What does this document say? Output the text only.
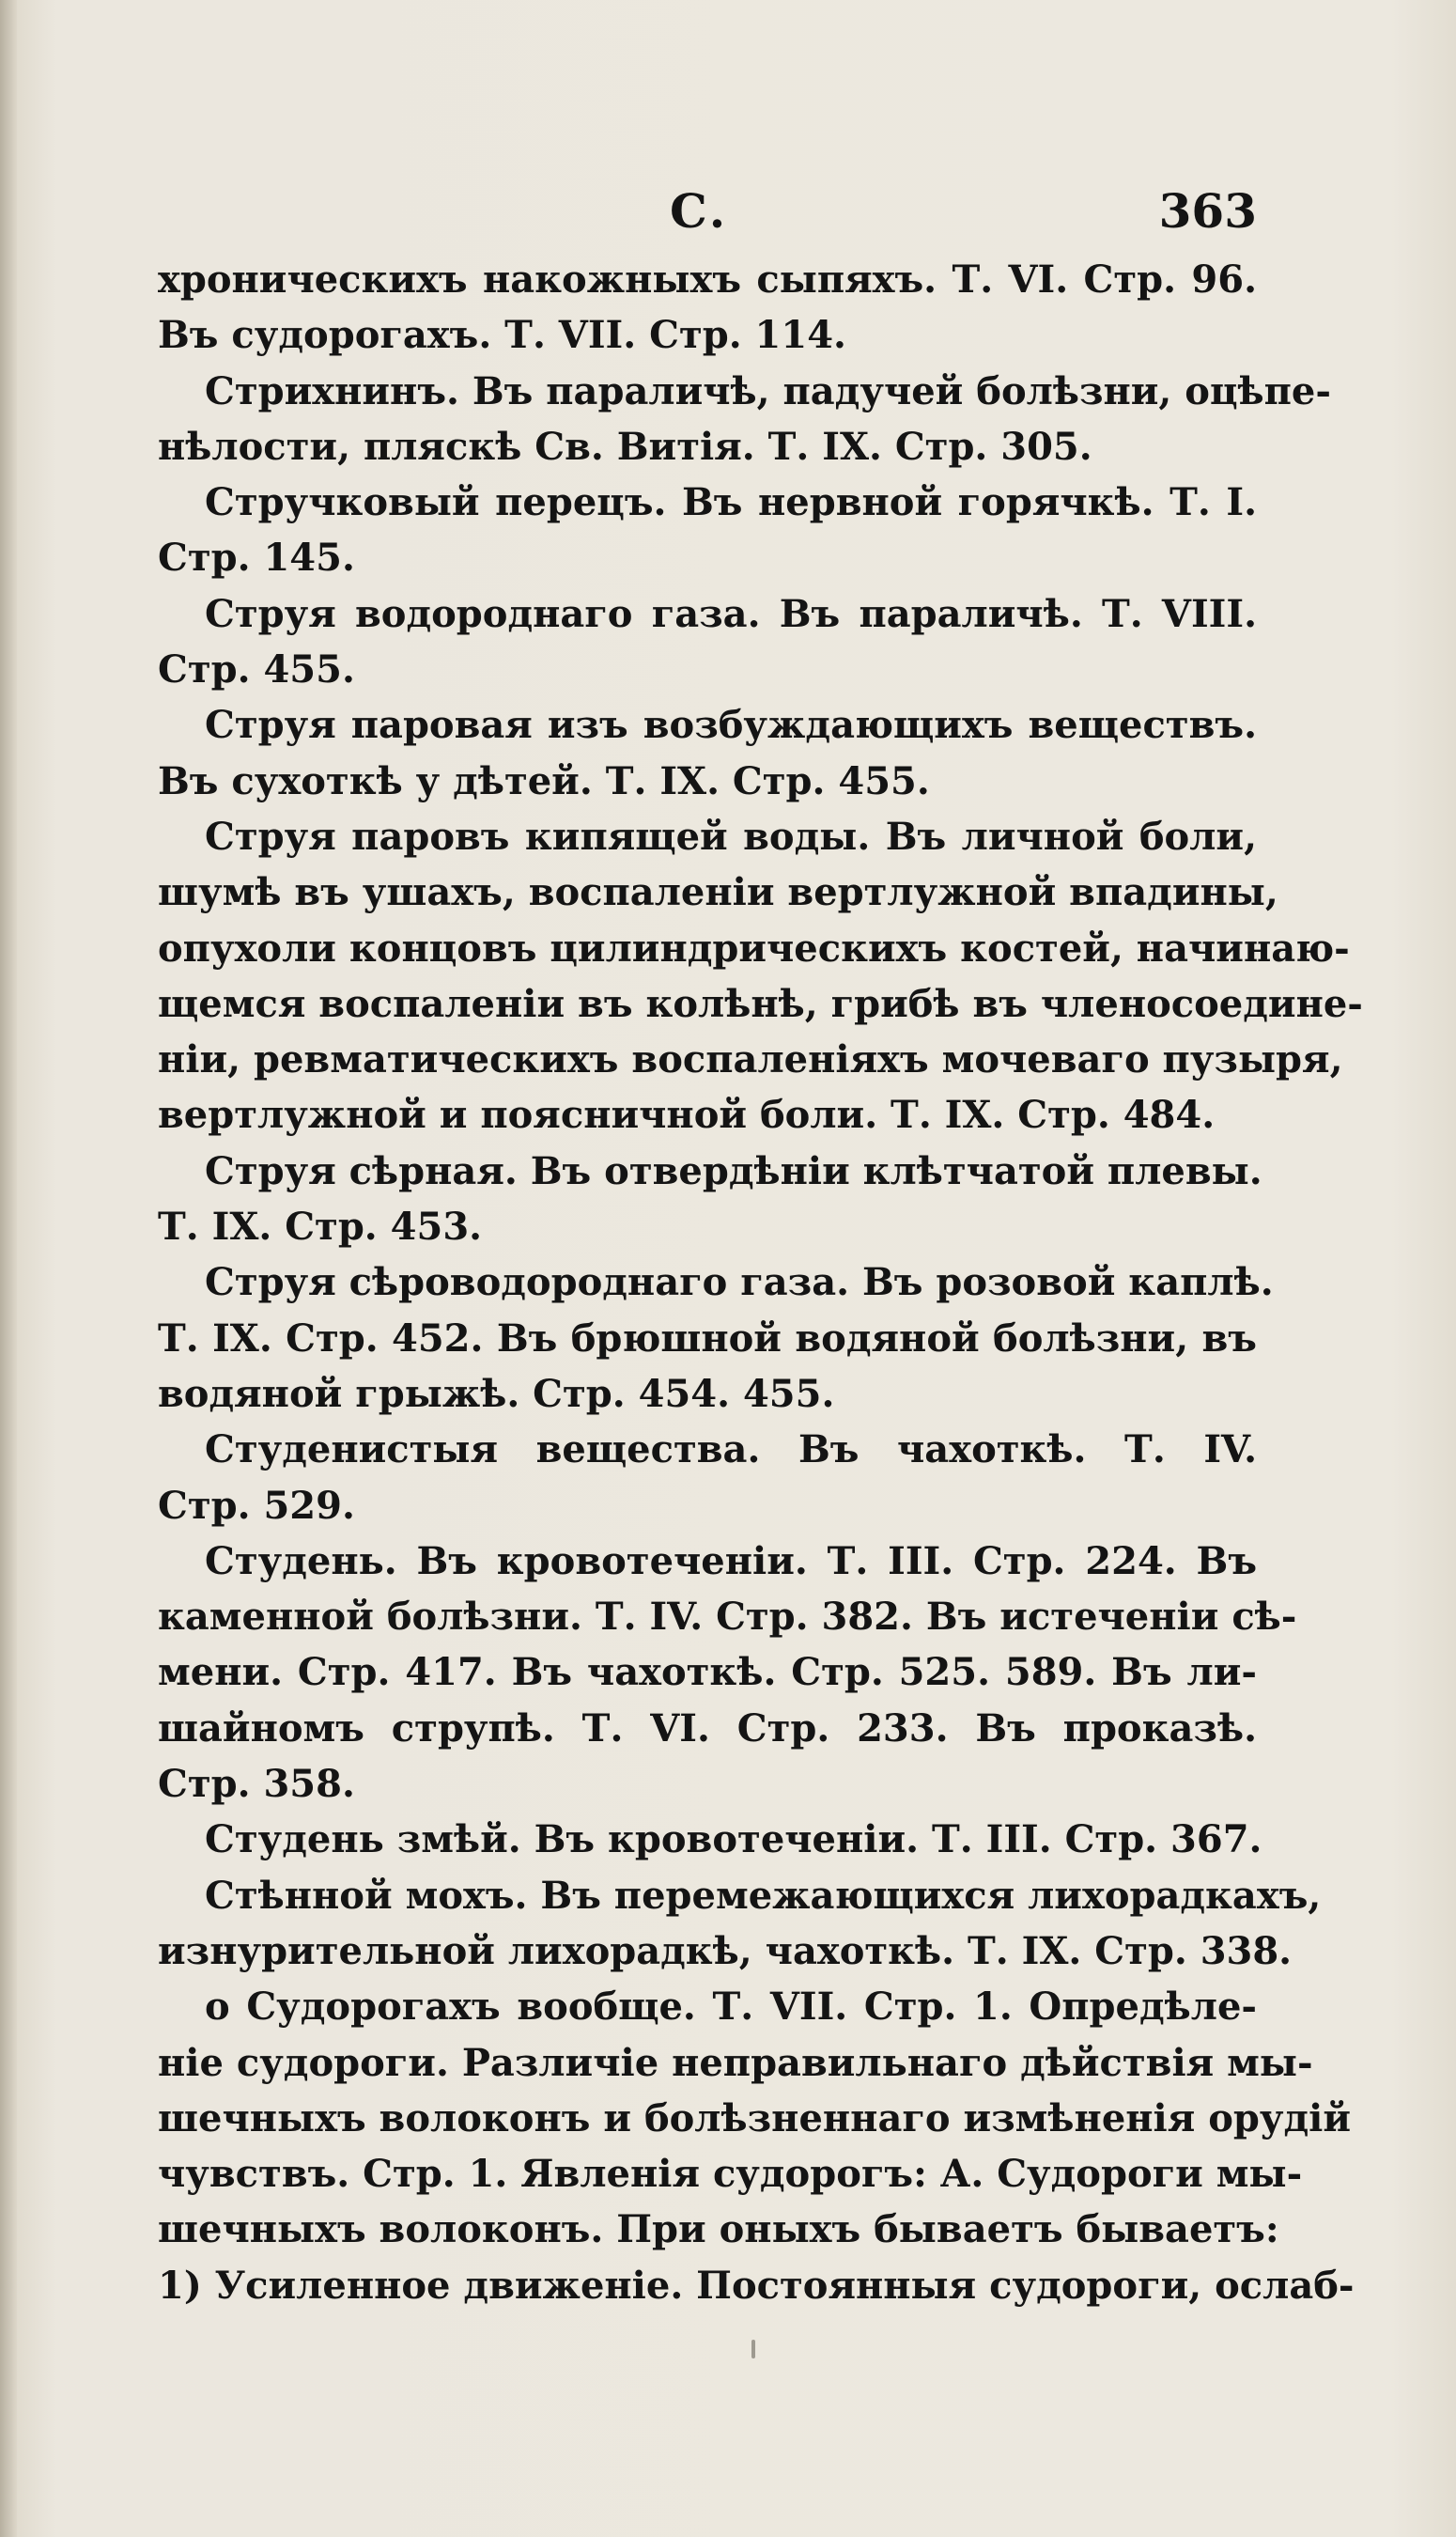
С.	363
хроническихъ накожныхъ сыпяхъ. Т. VI. Стр. 96.
Въ судорогахъ. Т. VII. Стр. 114.
Стрихнинъ. Въ параличѣ, падучей болѣзни, оцѣпе-
нѣлости, пляскѣ Св. Витія. Т. IX. Стр. 305.
Стручковый перецъ. Въ нервной горячкѣ. Т. I.
Стр. 145.
Струя водороднаго газа. Въ параличѣ. Т. VIII.
Стр. 455.
Струя паровая изъ возбуждающихъ веществъ.
Въ сухоткѣ у дѣтей. Т. IX. Стр. 455.
Струя паровъ кипящей воды. Въ личной боли,
шумѣ въ ушахъ, воспаленіи вертлужной впадины,
опухоли концовъ цилиндрическихъ костей, начинаю-
щемся воспаленіи въ колѣнѣ, грибѣ въ членосоедине-
ніи, ревматическихъ воспаленіяхъ мочеваго пузыря,
вертлужной и поясничной боли. Т. IX. Стр. 484.
Струя сѣрная. Въ отвердѣніи клѣтчатой плевы.
Т. IX. Стр. 453.
Струя сѣроводороднаго газа. Въ розовой каплѣ.
Т. IX. Стр. 452. Въ брюшной водяной болѣзни, въ
водяной грыжѣ. Стр. 454. 455.
Студенистыя вещества. Въ чахоткѣ. Т. IV.
Стр. 529.
Студень. Въ кровотеченіи. Т. III. Стр. 224. Въ
каменной болѣзни. Т. IV. Стр. 382. Въ истеченіи сѣ-
мени. Стр. 417. Въ чахоткѣ. Стр. 525. 589. Въ ли-
шайномъ струпѣ. Т. VI. Стр. 233. Въ проказѣ.
Стр. 358.
Студень змѣй. Въ кровотеченіи. Т. III. Стр. 367.
Стѣнной мохъ. Въ перемежающихся лихорадкахъ,
изнурительной лихорадкѣ, чахоткѣ. Т. IX. Стр. 338.
о Судорогахъ вообще. Т. VII. Стр. 1. Опредѣле-
ніе судороги. Различіе неправильнаго дѣйствія мы-
шечныхъ волоконъ и болѣзненнаго измѣненія орудій
чувствъ. Стр. 1. Явленія судорогъ: А. Судороги мы-
шечныхъ волоконъ. При оныхъ бываетъ бываетъ:
1) Усиленное движеніе. Постоянныя судороги, ослаб-
